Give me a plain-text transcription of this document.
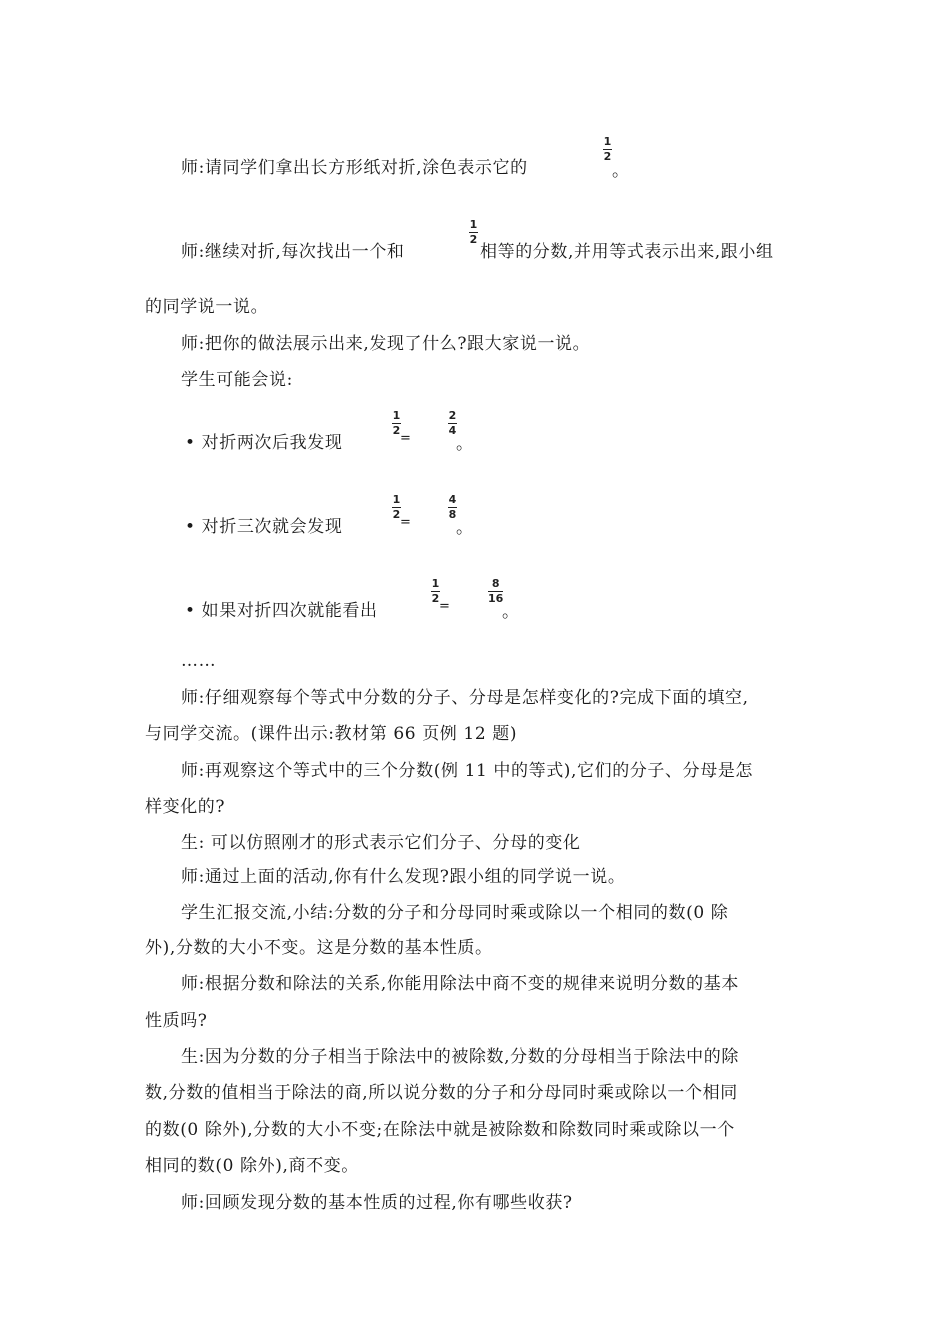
师:请同学们拿出长方形纸对折,涂色表示它的
1
2
。
师:继续对折,每次找出一个和
1
2
相等的分数,并用等式表示出来,跟小组
的同学说一说。
师:把你的做法展示出来,发现了什么?跟大家说一说。
学生可能会说:
• 对折两次后我发现
1
2
=
2
4
。
• 对折三次就会发现
1
2
=
4
8
。
• 如果对折四次就能看出
1
2
=
8
16
。
……
师:仔细观察每个等式中分数的分子、分母是怎样变化的?完成下面的填空,
与同学交流。(课件出示:教材第 66 页例 12 题)
师:再观察这个等式中的三个分数(例 11 中的等式),它们的分子、分母是怎
样变化的?
生: 可以仿照刚才的形式表示它们分子、分母的变化
师:通过上面的活动,你有什么发现?跟小组的同学说一说。
学生汇报交流,小结:分数的分子和分母同时乘或除以一个相同的数(0 除
外),分数的大小不变。这是分数的基本性质。
师:根据分数和除法的关系,你能用除法中商不变的规律来说明分数的基本
性质吗?
生:因为分数的分子相当于除法中的被除数,分数的分母相当于除法中的除
数,分数的值相当于除法的商,所以说分数的分子和分母同时乘或除以一个相同
的数(0 除外),分数的大小不变;在除法中就是被除数和除数同时乘或除以一个
相同的数(0 除外),商不变。
师:回顾发现分数的基本性质的过程,你有哪些收获?
